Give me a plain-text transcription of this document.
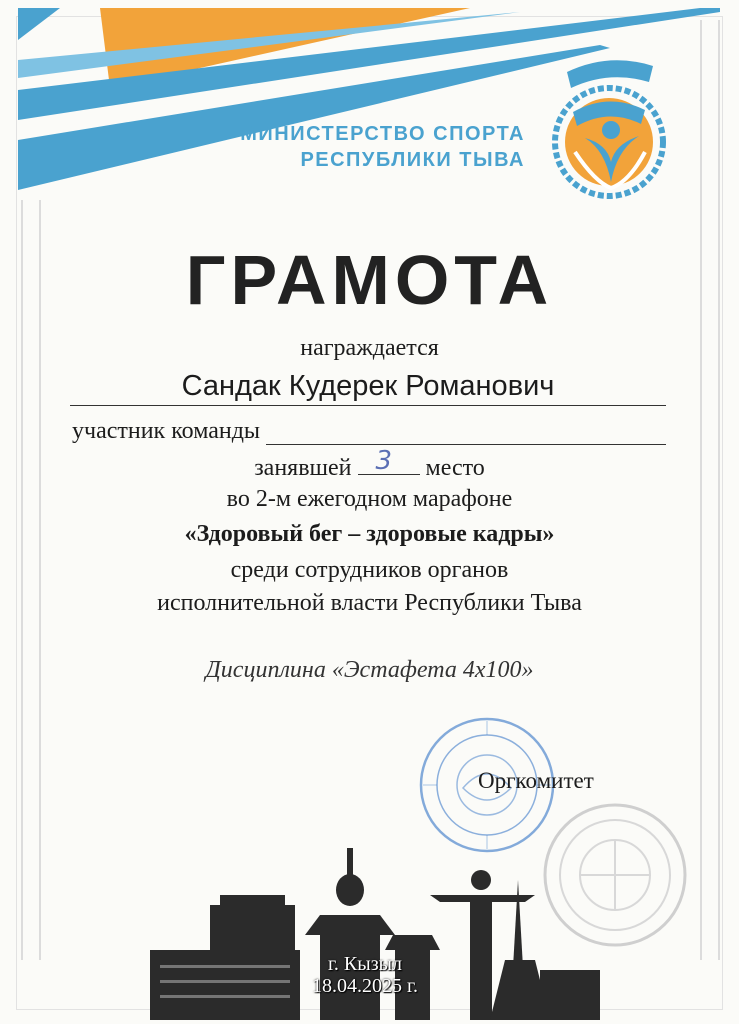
МИНИСТЕРСТВО СПОРТА
РЕСПУБЛИКИ ТЫВА
ГРАМОТА
награждается
Сандак Кудерек Романович
участник команды
занявшей 3 место
во 2-м ежегодном марафоне
«Здоровый бег – здоровые кадры»
среди сотрудников органов
исполнительной власти Республики Тыва
Дисциплина «Эстафета 4х100»
Оргкомитет
г. Кызыл
18.04.2025 г.
